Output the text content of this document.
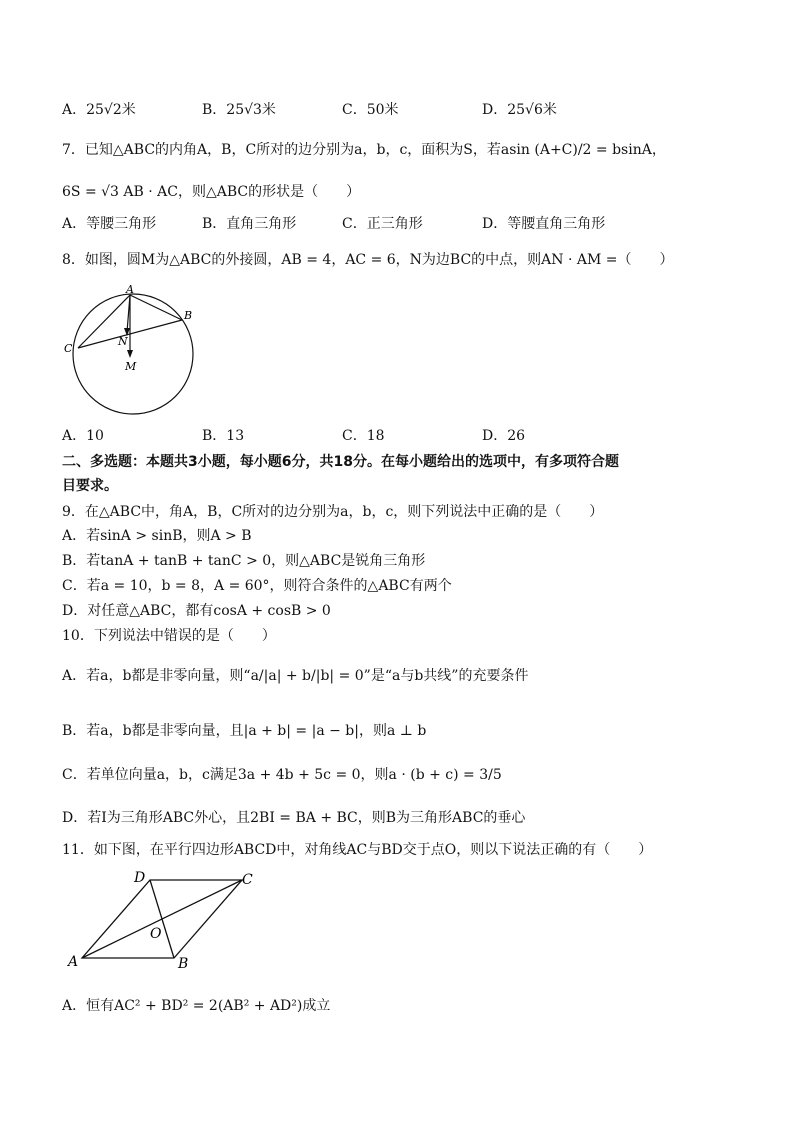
A．25√2米	B．25√3米	C．50米	D．25√6米
7．已知△ABC的内角A，B，C所对的边分别为a，b，c，面积为S，若asin (A+C)/2 = bsinA，
6S = √3 AB · AC，则△ABC的形状是（　　）
A．等腰三角形	B．直角三角形	C．正三角形	D．等腰直角三角形
8．如图，圆M为△ABC的外接圆，AB = 4，AC = 6，N为边BC的中点，则AN · AM =（　　）
A
B
C
N
M
A．10	B．13	C．18	D．26
二、多选题：本题共3小题，每小题6分，共18分。在每小题给出的选项中，有多项符合题
目要求。
9．在△ABC中，角A，B，C所对的边分别为a，b，c，则下列说法中正确的是（　　）
A．若sinA > sinB，则A > B
B．若tanA + tanB + tanC > 0，则△ABC是锐角三角形
C．若a = 10，b = 8，A = 60°，则符合条件的△ABC有两个
D．对任意△ABC，都有cosA + cosB > 0
10．下列说法中错误的是（　　）
A．若a，b都是非零向量，则“a/|a| + b/|b| = 0”是“a与b共线”的充要条件
B．若a，b都是非零向量，且|a + b| = |a − b|，则a ⊥ b
C．若单位向量a，b，c满足3a + 4b + 5c = 0，则a · (b + c) = 3/5
D．若I为三角形ABC外心，且2BI = BA + BC，则B为三角形ABC的垂心
11．如下图，在平行四边形ABCD中，对角线AC与BD交于点O，则以下说法正确的有（　　）
A	B
C
D
O
A．恒有AC² + BD² = 2(AB² + AD²)成立
